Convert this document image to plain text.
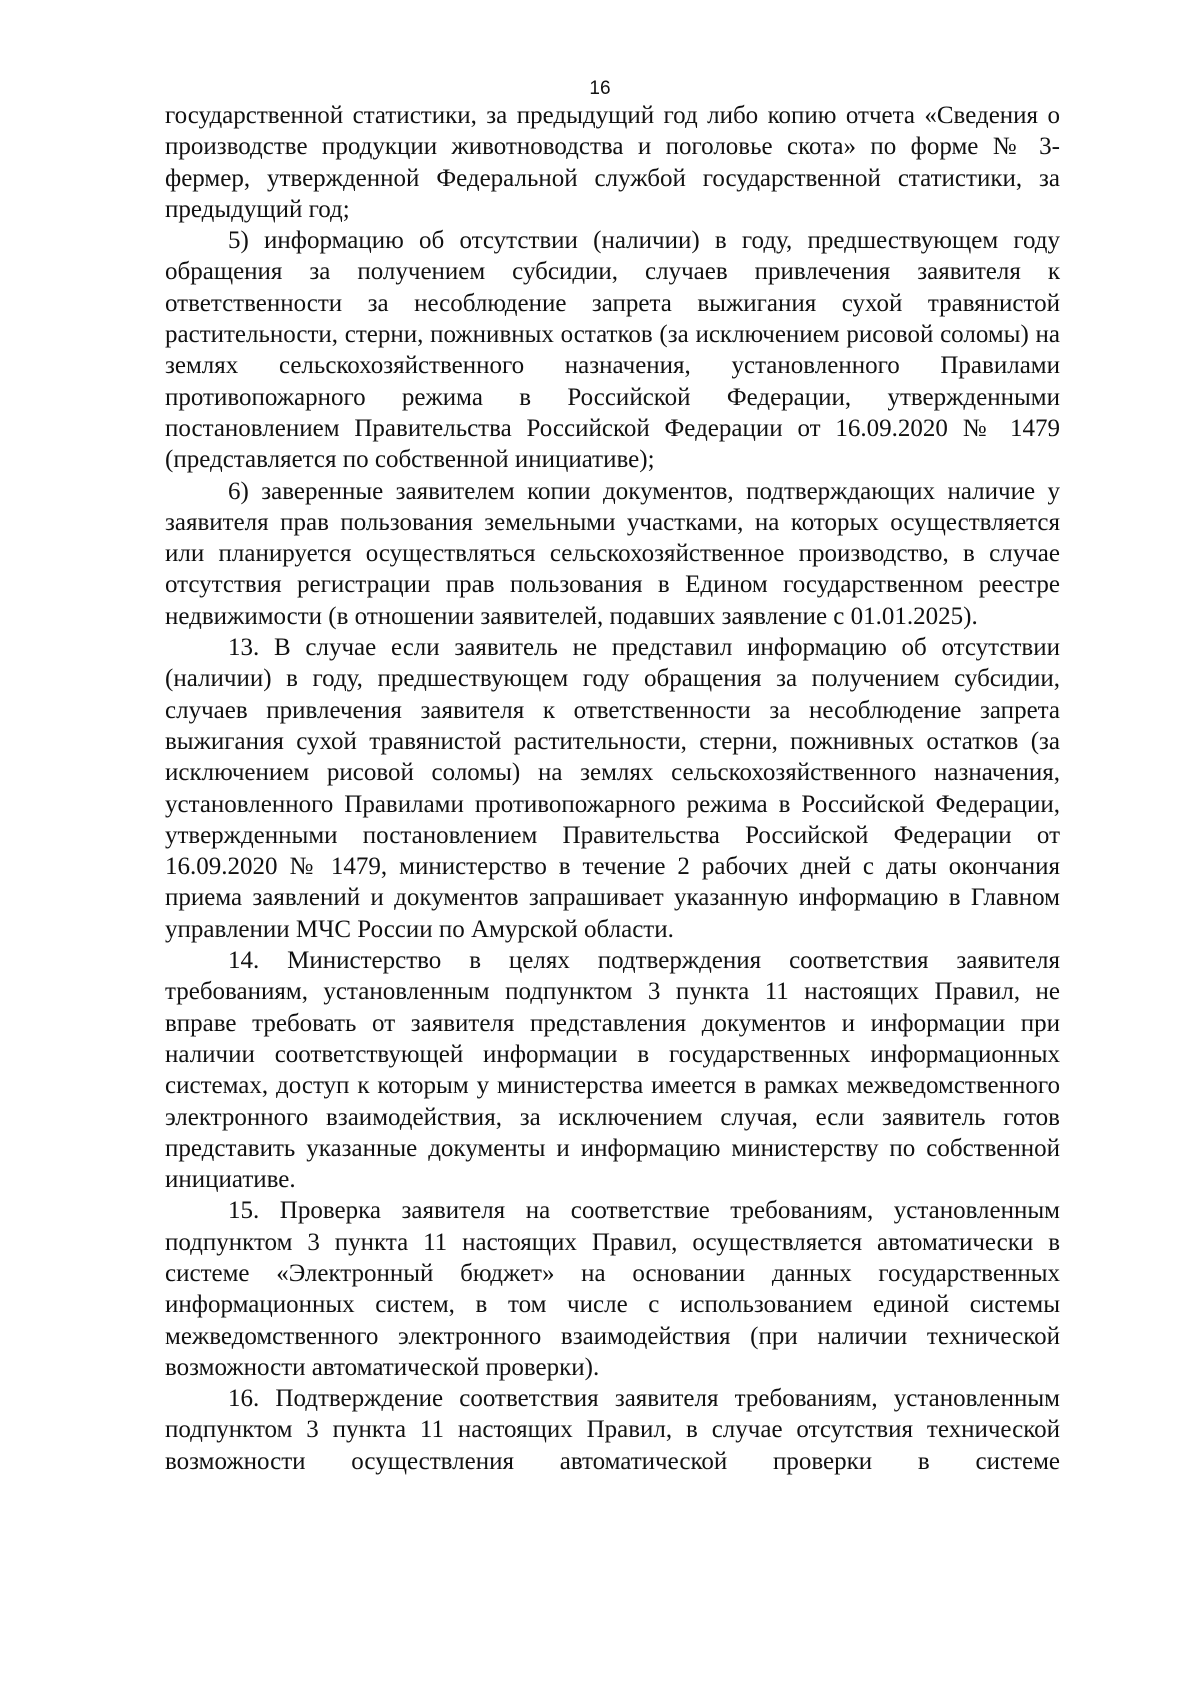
16

государственной статистики, за предыдущий год либо копию отчета «Сведения о производстве продукции животноводства и поголовье скота» по форме № 3-фермер, утвержденной Федеральной службой государственной статистики, за предыдущий год;

5) информацию об отсутствии (наличии) в году, предшествующем году обращения за получением субсидии, случаев привлечения заявителя к ответственности за несоблюдение запрета выжигания сухой травянистой растительности, стерни, пожнивных остатков (за исключением рисовой соломы) на землях сельскохозяйственного назначения, установленного Правилами противопожарного режима в Российской Федерации, утвержденными постановлением Правительства Российской Федерации от 16.09.2020 № 1479 (представляется по собственной инициативе);

6) заверенные заявителем копии документов, подтверждающих наличие у заявителя прав пользования земельными участками, на которых осуществляется или планируется осуществляться сельскохозяйственное производство, в случае отсутствия регистрации прав пользования в Едином государственном реестре недвижимости (в отношении заявителей, подавших заявление с 01.01.2025).

13. В случае если заявитель не представил информацию об отсутствии (наличии) в году, предшествующем году обращения за получением субсидии, случаев привлечения заявителя к ответственности за несоблюдение запрета выжигания сухой травянистой растительности, стерни, пожнивных остатков (за исключением рисовой соломы) на землях сельскохозяйственного назначения, установленного Правилами противопожарного режима в Российской Федерации, утвержденными постановлением Правительства Российской Федерации от 16.09.2020 № 1479, министерство в течение 2 рабочих дней с даты окончания приема заявлений и документов запрашивает указанную информацию в Главном управлении МЧС России по Амурской области.

14. Министерство в целях подтверждения соответствия заявителя требованиям, установленным подпунктом 3 пункта 11 настоящих Правил, не вправе требовать от заявителя представления документов и информации при наличии соответствующей информации в государственных информационных системах, доступ к которым у министерства имеется в рамках межведомственного электронного взаимодействия, за исключением случая, если заявитель готов представить указанные документы и информацию министерству по собственной инициативе.

15. Проверка заявителя на соответствие требованиям, установленным подпунктом 3 пункта 11 настоящих Правил, осуществляется автоматически в системе «Электронный бюджет» на основании данных государственных информационных систем, в том числе с использованием единой системы межведомственного электронного взаимодействия (при наличии технической возможности автоматической проверки).

16. Подтверждение соответствия заявителя требованиям, установленным подпунктом 3 пункта 11 настоящих Правил, в случае отсутствия технической возможности осуществления автоматической проверки в системе
